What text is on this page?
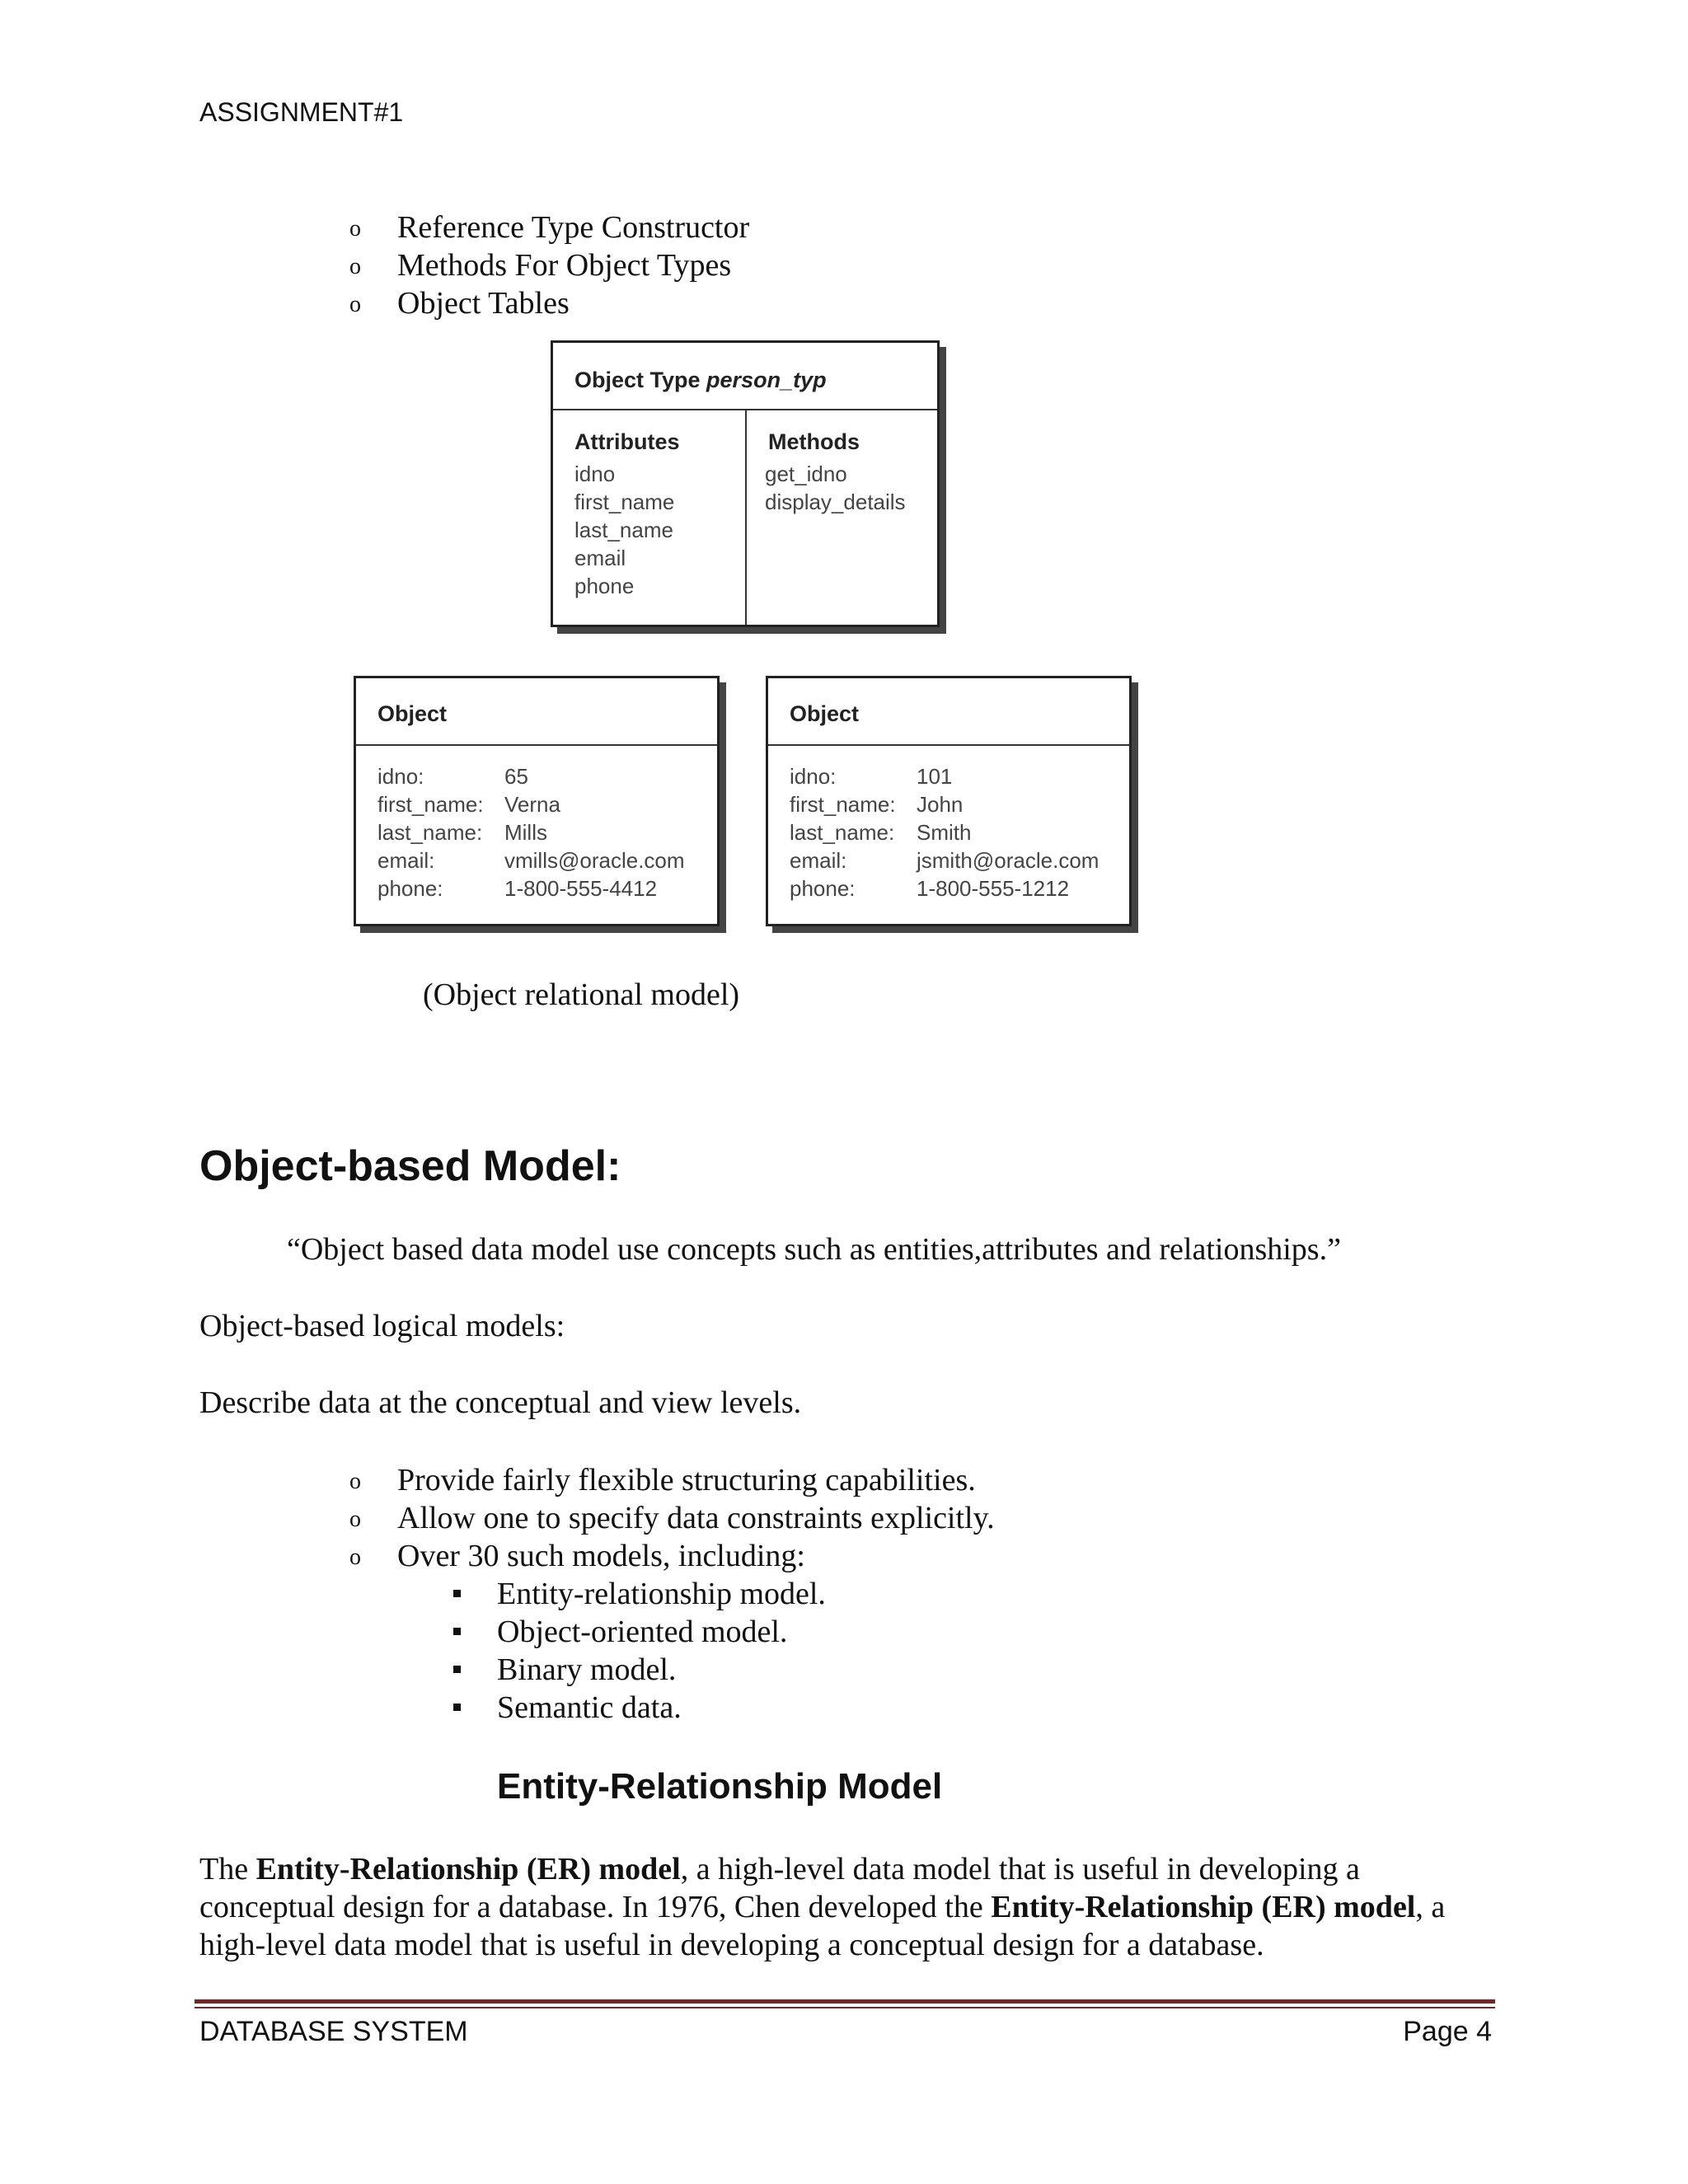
ASSIGNMENT#1
o Reference Type Constructor
o Methods For Object Types
o Object Tables
Object Type person_typ
Attributes	Methods
idno
first_name
last_name
email
phone
get_idno
display_details
Object
idno:
first_name:
last_name:
email:
phone:
65
Verna
Mills
vmills@oracle.com
1-800-555-4412
Object
idno:
first_name:
last_name:
email:
phone:
101
John
Smith
jsmith@oracle.com
1-800-555-1212
(Object relational model)
Object-based Model:
“Object based data model use concepts such as entities,attributes and relationships.”
Object-based logical models:
Describe data at the conceptual and view levels.
o Provide fairly flexible structuring capabilities.
o Allow one to specify data constraints explicitly.
o Over 30 such models, including:
Entity-relationship model.
Object-oriented model.
Binary model.
Semantic data.
Entity-Relationship Model
The Entity-Relationship (ER) model, a high-level data model that is useful in developing a conceptual design for a database. In 1976, Chen developed the Entity-Relationship (ER) model, a high-level data model that is useful in developing a conceptual design for a database.
DATABASE SYSTEM	Page 4
